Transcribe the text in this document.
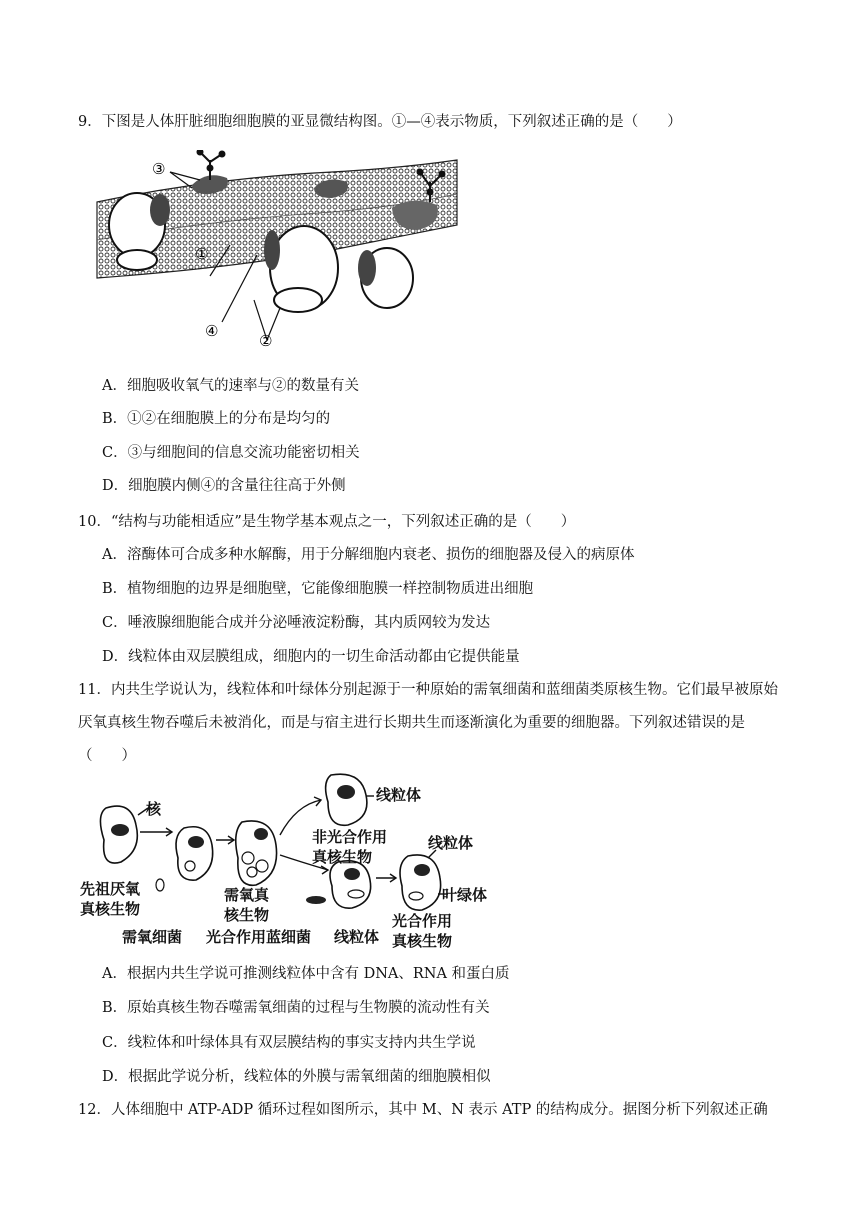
9．下图是人体肝脏细胞细胞膜的亚显微结构图。①—④表示物质，下列叙述正确的是（　　）
③
①
④
②
A．细胞吸收氧气的速率与②的数量有关
B．①②在细胞膜上的分布是均匀的
C．③与细胞间的信息交流功能密切相关
D．细胞膜内侧④的含量往往高于外侧
10．“结构与功能相适应”是生物学基本观点之一，下列叙述正确的是（　　）
A．溶酶体可合成多种水解酶，用于分解细胞内衰老、损伤的细胞器及侵入的病原体
B．植物细胞的边界是细胞壁，它能像细胞膜一样控制物质进出细胞
C．唾液腺细胞能合成并分泌唾液淀粉酶，其内质网较为发达
D．线粒体由双层膜组成，细胞内的一切生命活动都由它提供能量
11．内共生学说认为，线粒体和叶绿体分别起源于一种原始的需氧细菌和蓝细菌类原核生物。它们最早被原始厌氧真核生物吞噬后未被消化，而是与宿主进行长期共生而逐渐演化为重要的细胞器。下列叙述错误的是（　　）
核
先祖厌氧
真核生物
需氧细菌
需氧真
核生物
光合作用蓝细菌
线粒体
非光合作用
真核生物
线粒体
线粒体
叶绿体
光合作用
真核生物
A．根据内共生学说可推测线粒体中含有 DNA、RNA 和蛋白质
B．原始真核生物吞噬需氧细菌的过程与生物膜的流动性有关
C．线粒体和叶绿体具有双层膜结构的事实支持内共生学说
D．根据此学说分析，线粒体的外膜与需氧细菌的细胞膜相似
12．人体细胞中 ATP-ADP 循环过程如图所示，其中 M、N 表示 ATP 的结构成分。据图分析下列叙述正确
